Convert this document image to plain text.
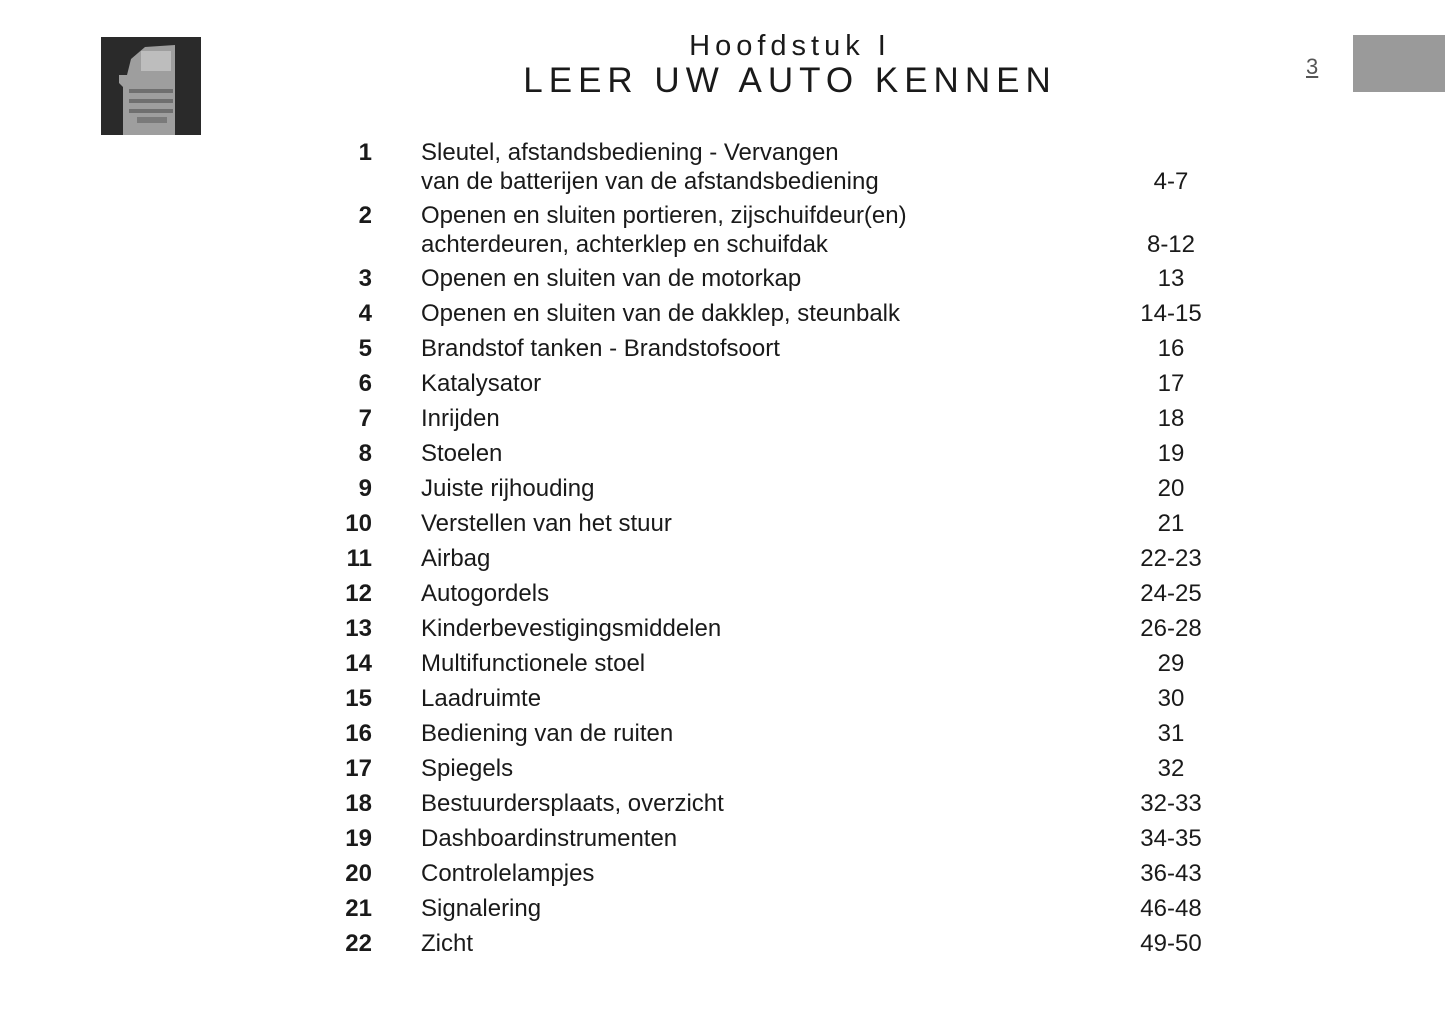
Hoofdstuk I
LEER UW AUTO KENNEN	3
1 Sleutel, afstandsbediening - Vervangen
van de batterijen van de afstandsbediening	4-7
2 Openen en sluiten portieren, zijschuifdeur(en)
achterdeuren, achterklep en schuifdak	8-12
3 Openen en sluiten van de motorkap	13
4 Openen en sluiten van de dakklep, steunbalk	14-15
5 Brandstof tanken - Brandstofsoort	16
6 Katalysator	17
7 Inrijden	18
8 Stoelen	19
9 Juiste rijhouding	20
10 Verstellen van het stuur	21
11 Airbag	22-23
12 Autogordels	24-25
13 Kinderbevestigingsmiddelen	26-28
14 Multifunctionele stoel	29
15 Laadruimte	30
16 Bediening van de ruiten	31
17 Spiegels	32
18 Bestuurdersplaats, overzicht	32-33
19 Dashboardinstrumenten	34-35
20 Controlelampjes	36-43
21 Signalering	46-48
22 Zicht	49-50
